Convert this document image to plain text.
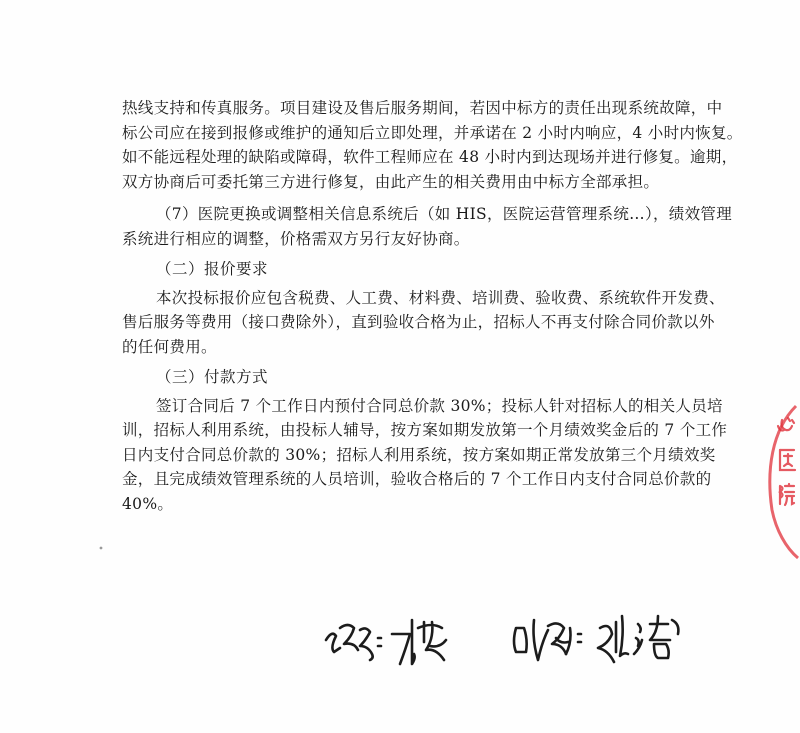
热线支持和传真服务。项目建设及售后服务期间，若因中标方的责任出现系统故障，中
标公司应在接到报修或维护的通知后立即处理，并承诺在 2 小时内响应，4 小时内恢复。
如不能远程处理的缺陷或障碍，软件工程师应在 48 小时内到达现场并进行修复。逾期，
双方协商后可委托第三方进行修复，由此产生的相关费用由中标方全部承担。
（7）医院更换或调整相关信息系统后（如 HIS，医院运营管理系统…），绩效管理
系统进行相应的调整，价格需双方另行友好协商。
（二）报价要求
本次投标报价应包含税费、人工费、材料费、培训费、验收费、系统软件开发费、
售后服务等费用（接口费除外），直到验收合格为止，招标人不再支付除合同价款以外
的任何费用。
（三）付款方式
签订合同后 7 个工作日内预付合同总价款 30%；投标人针对招标人的相关人员培
训，招标人利用系统，由投标人辅导，按方案如期发放第一个月绩效奖金后的 7 个工作
日内支付合同总价款的 30%；招标人利用系统，按方案如期正常发放第三个月绩效奖
金，且完成绩效管理系统的人员培训，验收合格后的 7 个工作日内支付合同总价款的
40%。
